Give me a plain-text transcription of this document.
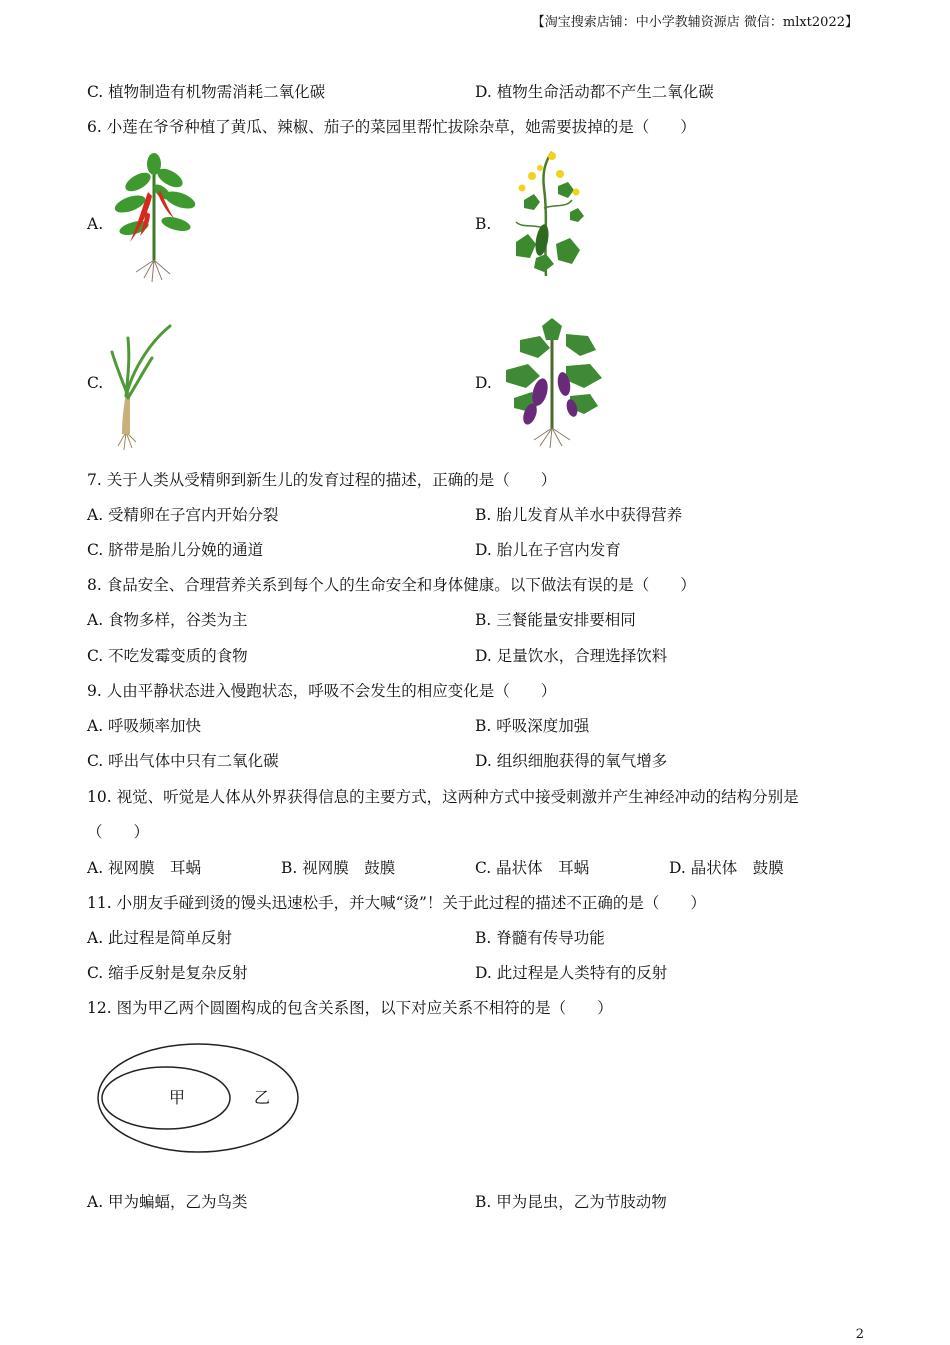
【淘宝搜索店铺：中小学教辅资源店 微信：mlxt2022】
C. 植物制造有机物需消耗二氧化碳	D. 植物生命活动都不产生二氧化碳
6. 小莲在爷爷种植了黄瓜、辣椒、茄子的菜园里帮忙拔除杂草，她需要拔掉的是（　　）
A.	B.
C.	D.
7. 关于人类从受精卵到新生儿的发育过程的描述，正确的是（　　）
A. 受精卵在子宫内开始分裂	B. 胎儿发育从羊水中获得营养
C. 脐带是胎儿分娩的通道	D. 胎儿在子宫内发育
8. 食品安全、合理营养关系到每个人的生命安全和身体健康。以下做法有误的是（　　）
A. 食物多样，谷类为主	B. 三餐能量安排要相同
C. 不吃发霉变质的食物	D. 足量饮水，合理选择饮料
9. 人由平静状态进入慢跑状态，呼吸不会发生的相应变化是（　　）
A. 呼吸频率加快	B. 呼吸深度加强
C. 呼出气体中只有二氧化碳	D. 组织细胞获得的氧气增多
10. 视觉、听觉是人体从外界获得信息的主要方式，这两种方式中接受刺激并产生神经冲动的结构分别是
（　　）
A. 视网膜　耳蜗	B. 视网膜　鼓膜	C. 晶状体　耳蜗	D. 晶状体　鼓膜
11. 小朋友手碰到烫的馒头迅速松手，并大喊“烫”！关于此过程的描述不正确的是（　　）
A. 此过程是简单反射	B. 脊髓有传导功能
C. 缩手反射是复杂反射	D. 此过程是人类特有的反射
12. 图为甲乙两个圆圈构成的包含关系图，以下对应关系不相符的是（　　）
甲	乙
A. 甲为蝙蝠，乙为鸟类	B. 甲为昆虫，乙为节肢动物
2
